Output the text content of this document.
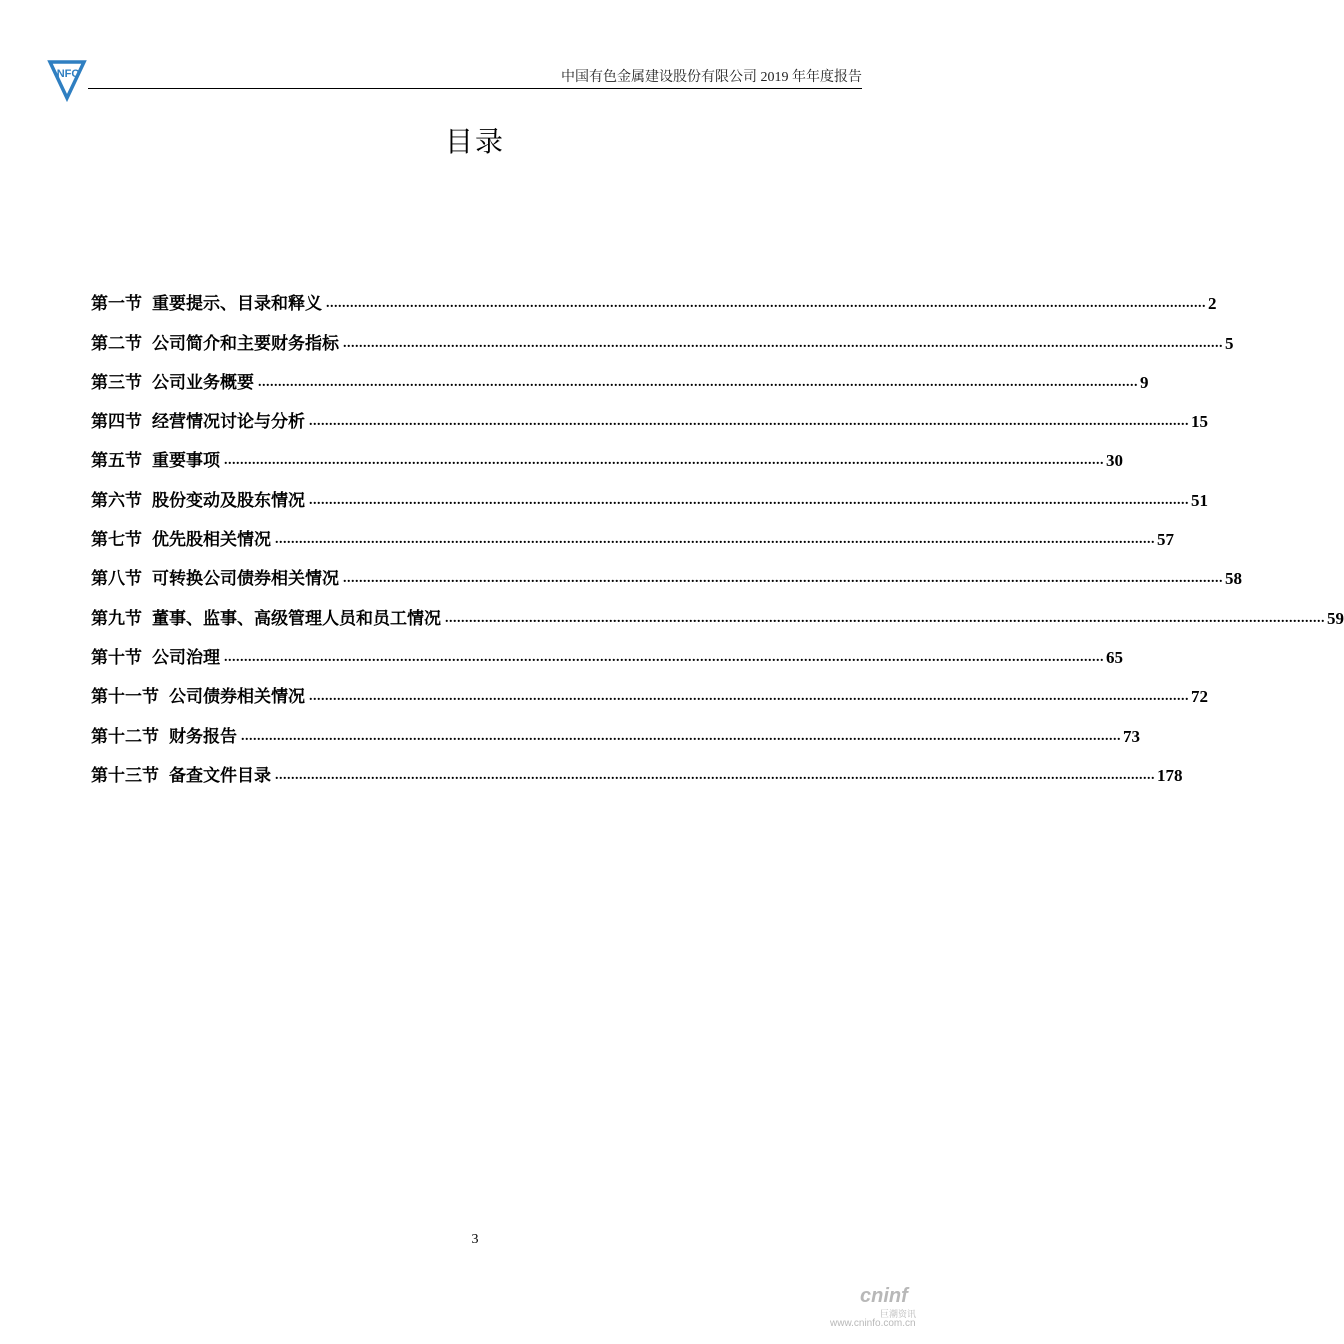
NFC	中国有色金属建设股份有限公司 2019 年年度报告
目录
第一节 重要提示、目录和释义 ............................................................................................................................................................................................................................ 2
第二节 公司简介和主要财务指标 ............................................................................................................................................................................................................................ 5
第三节 公司业务概要 ............................................................................................................................................................................................................................ 9
第四节 经营情况讨论与分析 ............................................................................................................................................................................................................................ 15
第五节 重要事项 ............................................................................................................................................................................................................................ 30
第六节 股份变动及股东情况 ............................................................................................................................................................................................................................ 51
第七节 优先股相关情况 ............................................................................................................................................................................................................................ 57
第八节 可转换公司债券相关情况 ............................................................................................................................................................................................................................ 58
第九节 董事、监事、高级管理人员和员工情况 ............................................................................................................................................................................................................................ 59
第十节 公司治理 ............................................................................................................................................................................................................................ 65
第十一节 公司债券相关情况 ............................................................................................................................................................................................................................ 72
第十二节 财务报告 ............................................................................................................................................................................................................................ 73
第十三节 备查文件目录 ............................................................................................................................................................................................................................ 178
3
cninf
巨潮资讯
www.cninfo.com.cn
